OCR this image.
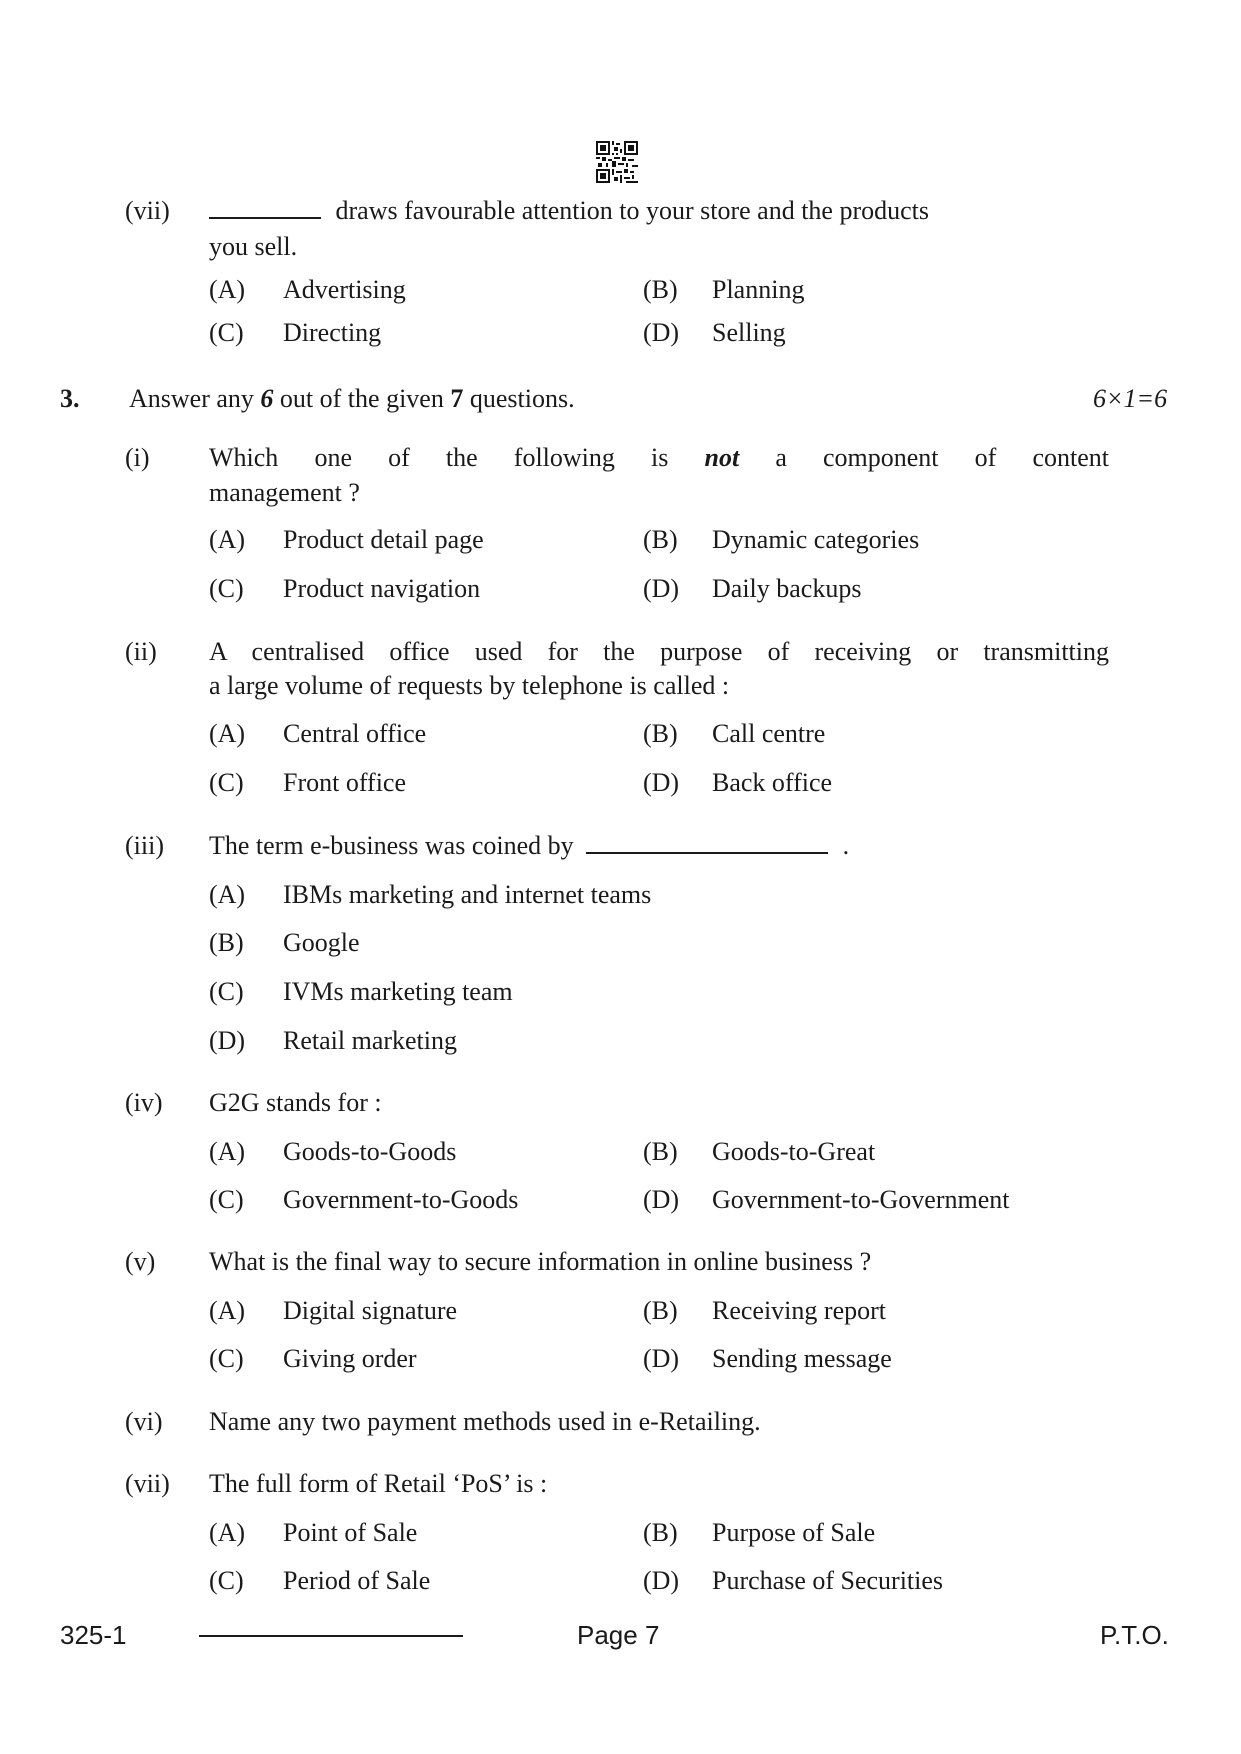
(vii)	draws favourable attention to your store and the products
you sell.
(A) Advertising	(B) Planning
(C) Directing	(D) Selling
3. Answer any 6 out of the given 7 questions.	6×1=6
(i) Which one of the following is not a component of content
management ?
(A) Product detail page	(B) Dynamic categories
(C) Product navigation	(D) Daily backups
(ii) A centralised office used for the purpose of receiving or transmitting
a large volume of requests by telephone is called :
(A) Central office	(B) Call centre
(C) Front office	(D) Back office
(iii) The term e-business was coined by	.
(A) IBMs marketing and internet teams
(B) Google
(C) IVMs marketing team
(D) Retail marketing
(iv) G2G stands for :
(A) Goods-to-Goods	(B) Goods-to-Great
(C) Government-to-Goods	(D) Government-to-Government
(v) What is the final way to secure information in online business ?
(A) Digital signature	(B) Receiving report
(C) Giving order	(D) Sending message
(vi) Name any two payment methods used in e-Retailing.
(vii) The full form of Retail ‘PoS’ is :
(A) Point of Sale	(B) Purpose of Sale
(C) Period of Sale	(D) Purchase of Securities
325-1	Page 7	P.T.O.
